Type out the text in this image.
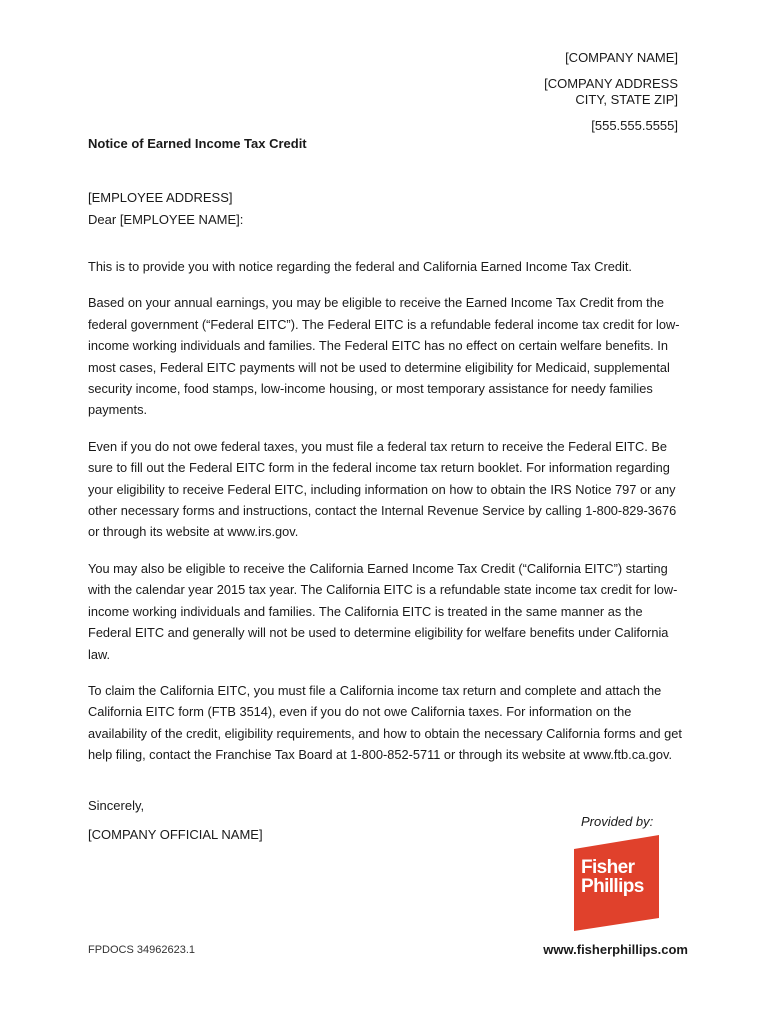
[COMPANY NAME]
[COMPANY ADDRESS
CITY, STATE ZIP]
[555.555.5555]
Notice of Earned Income Tax Credit
[EMPLOYEE ADDRESS]
Dear [EMPLOYEE NAME]:

This is to provide you with notice regarding the federal and California Earned Income Tax Credit.

Based on your annual earnings, you may be eligible to receive the Earned Income Tax Credit from the federal government (“Federal EITC”). The Federal EITC is a refundable federal income tax credit for low-income working individuals and families. The Federal EITC has no effect on certain welfare benefits. In most cases, Federal EITC payments will not be used to determine eligibility for Medicaid, supplemental security income, food stamps, low-income housing, or most temporary assistance for needy families payments.

Even if you do not owe federal taxes, you must file a federal tax return to receive the Federal EITC. Be sure to fill out the Federal EITC form in the federal income tax return booklet. For information regarding your eligibility to receive Federal EITC, including information on how to obtain the IRS Notice 797 or any other necessary forms and instructions, contact the Internal Revenue Service by calling 1-800-829-3676 or through its website at www.irs.gov.

You may also be eligible to receive the California Earned Income Tax Credit (“California EITC”) starting with the calendar year 2015 tax year. The California EITC is a refundable state income tax credit for low-income working individuals and families. The California EITC is treated in the same manner as the Federal EITC and generally will not be used to determine eligibility for welfare benefits under California law.

To claim the California EITC, you must file a California income tax return and complete and attach the California EITC form (FTB 3514), even if you do not owe California taxes. For information on the availability of the credit, eligibility requirements, and how to obtain the necessary California forms and get help filing, contact the Franchise Tax Board at 1-800-852-5711 or through its website at www.ftb.ca.gov.

Sincerely,
[COMPANY OFFICIAL NAME]
Provided by:
Fisher
Phillips
FPDOCS 34962623.1	www.fisherphillips.com
